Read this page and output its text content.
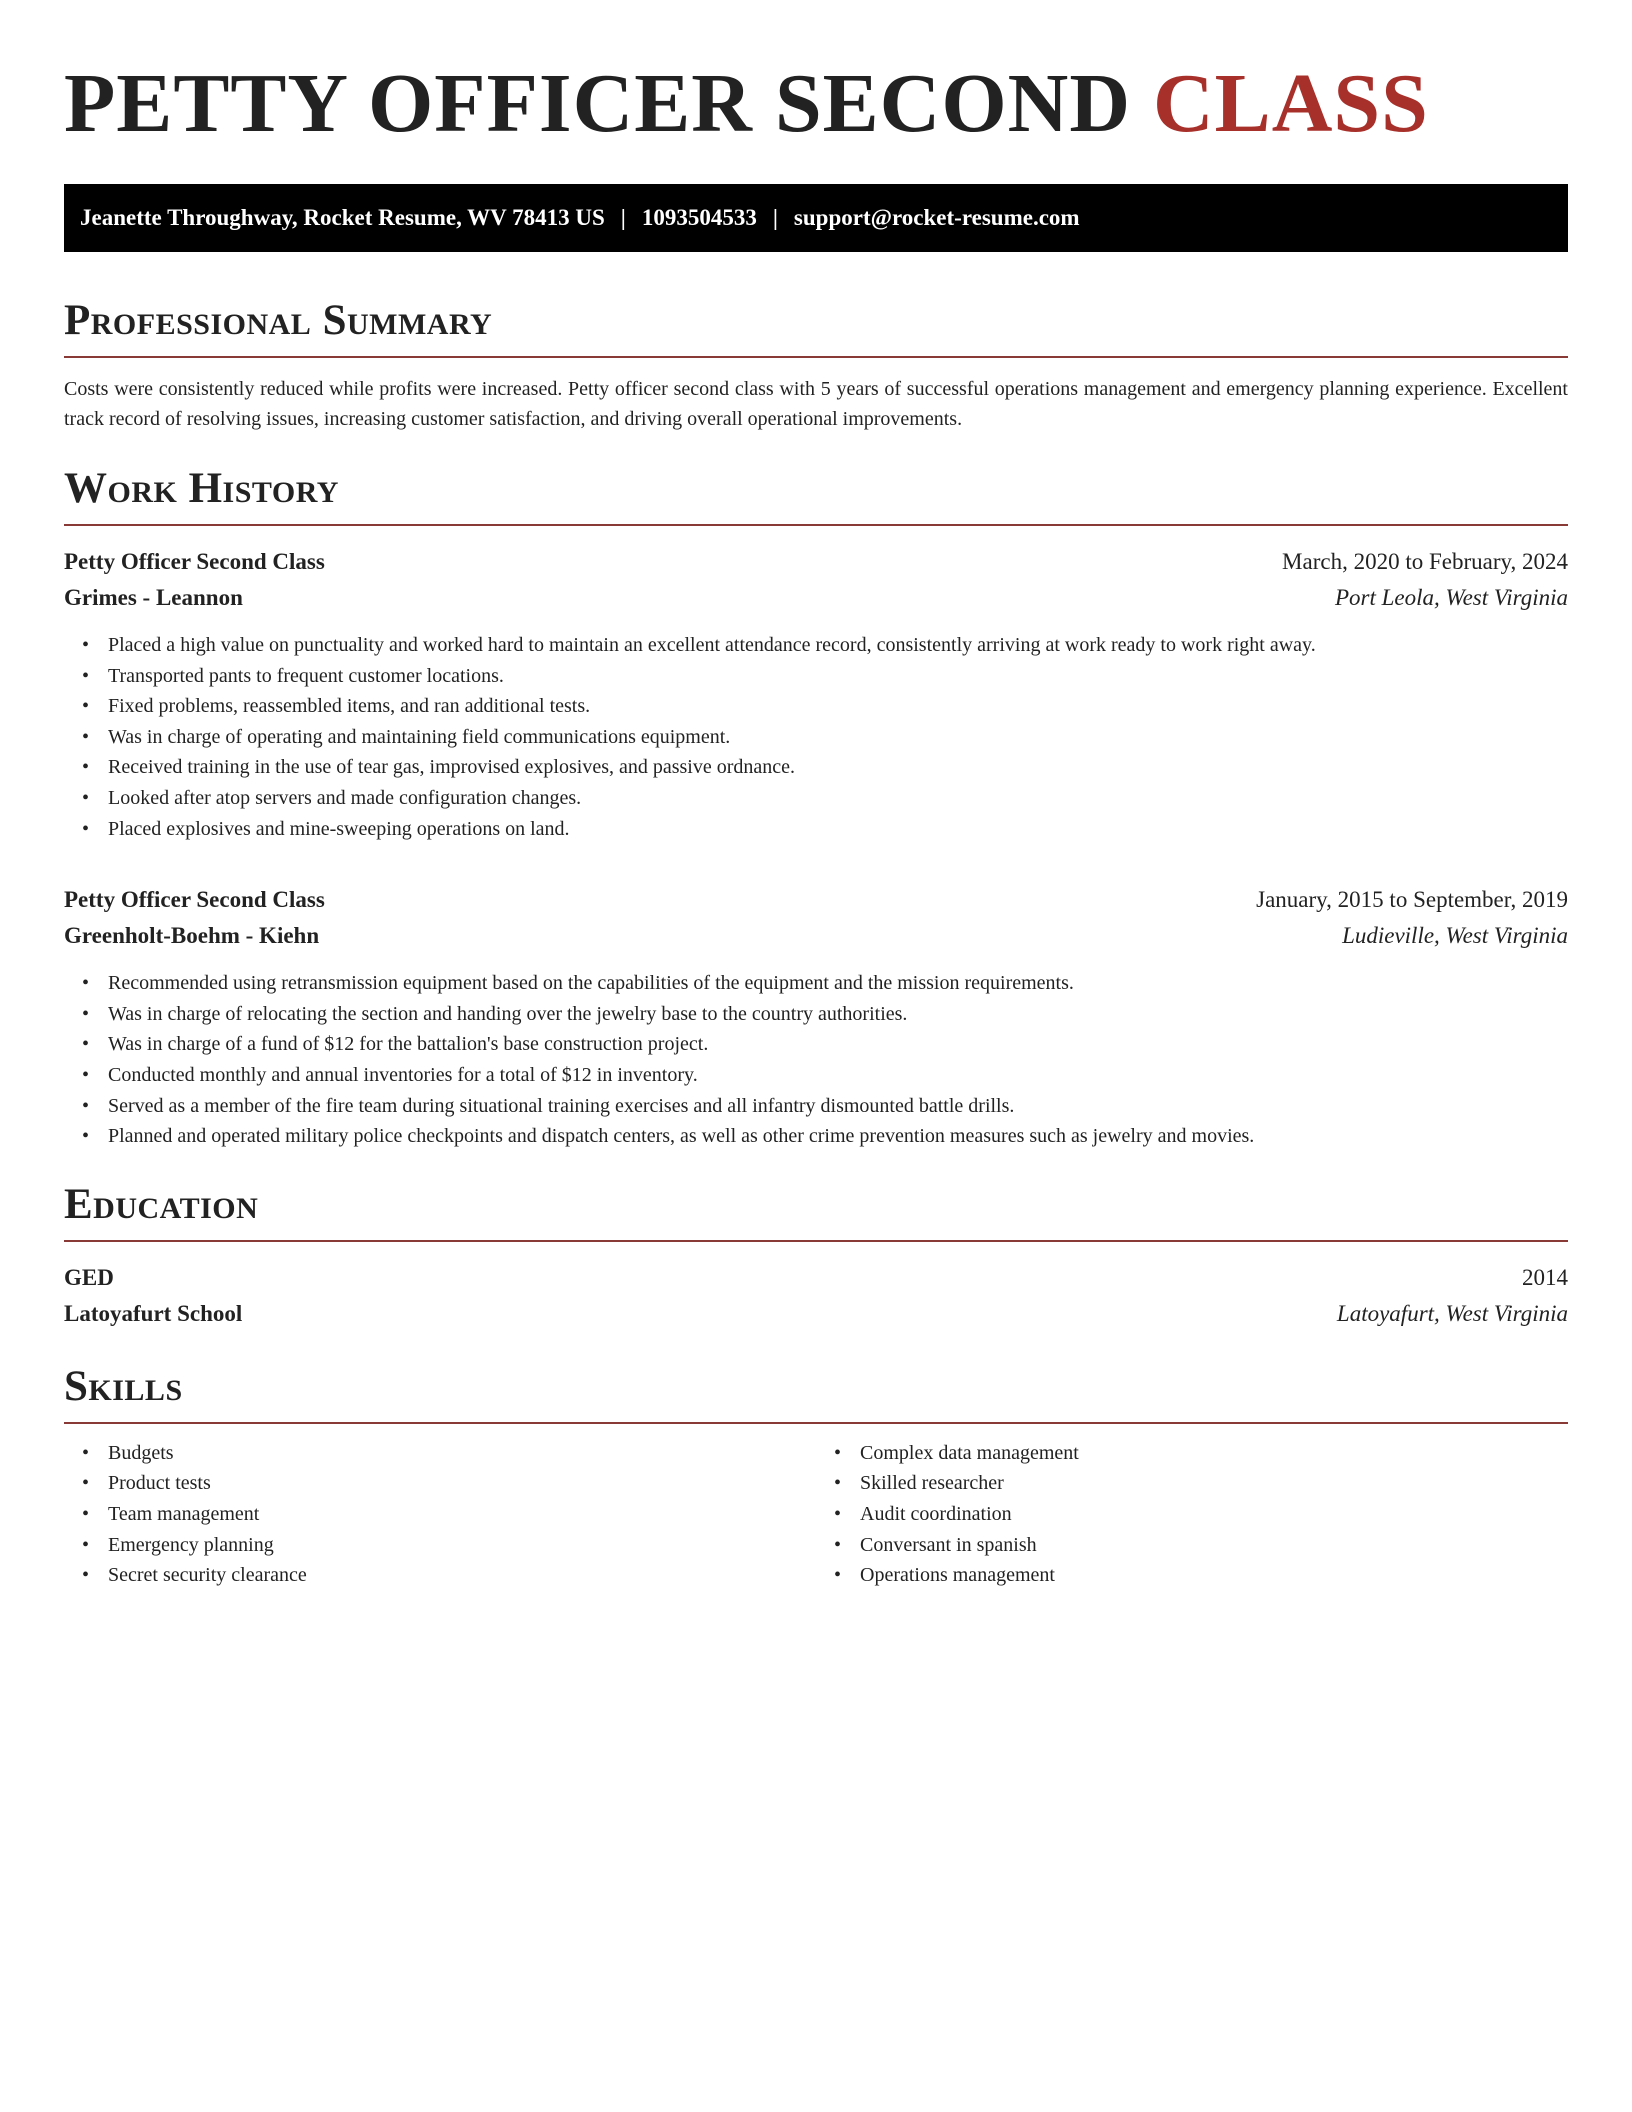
PETTY OFFICER SECOND CLASS
Jeanette Throughway, Rocket Resume, WV 78413 US | 1093504533 | support@rocket-resume.com
Professional Summary

Costs were consistently reduced while profits were increased. Petty officer second class with 5 years of successful operations management and emergency planning experience. Excellent track record of resolving issues, increasing customer satisfaction, and driving overall operational improvements.

Work History
Petty Officer Second Class	March, 2020 to February, 2024
Grimes - Leannon	Port Leola, West Virginia
• Placed a high value on punctuality and worked hard to maintain an excellent attendance record, consistently arriving at work ready to work right away.
• Transported pants to frequent customer locations.
• Fixed problems, reassembled items, and ran additional tests.
• Was in charge of operating and maintaining field communications equipment.
• Received training in the use of tear gas, improvised explosives, and passive ordnance.
• Looked after atop servers and made configuration changes.
• Placed explosives and mine-sweeping operations on land.
Petty Officer Second Class	January, 2015 to September, 2019
Greenholt-Boehm - Kiehn	Ludieville, West Virginia
• Recommended using retransmission equipment based on the capabilities of the equipment and the mission requirements.
• Was in charge of relocating the section and handing over the jewelry base to the country authorities.
• Was in charge of a fund of $12 for the battalion's base construction project.
• Conducted monthly and annual inventories for a total of $12 in inventory.
• Served as a member of the fire team during situational training exercises and all infantry dismounted battle drills.
• Planned and operated military police checkpoints and dispatch centers, as well as other crime prevention measures such as jewelry and movies.
Education
GED	2014
Latoyafurt School	Latoyafurt, West Virginia
Skills
• Budgets
• Product tests
• Team management
• Emergency planning
• Secret security clearance
• Complex data management
• Skilled researcher
• Audit coordination
• Conversant in spanish
• Operations management
